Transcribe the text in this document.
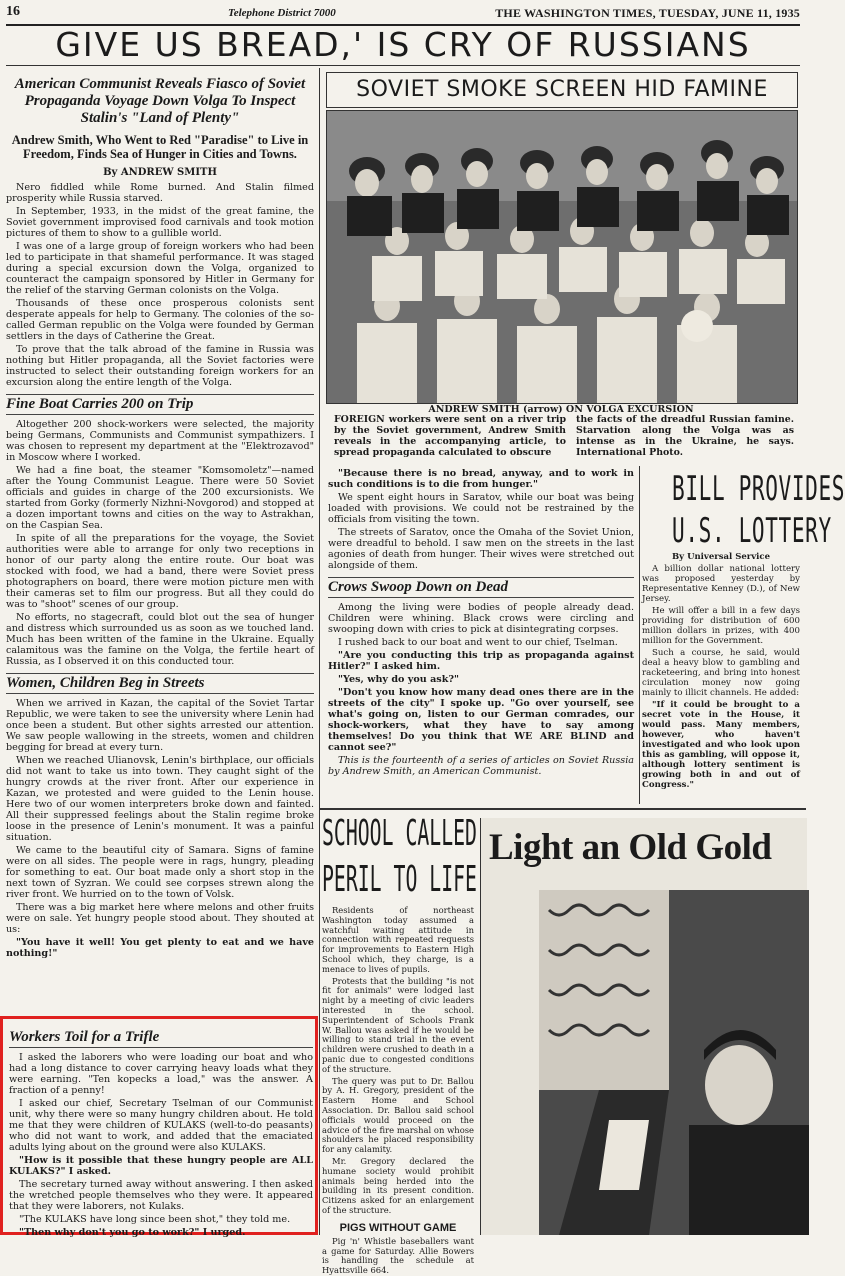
16	Telephone District 7000	THE WASHINGTON TIMES, TUESDAY, JUNE 11, 1935
GIVE US BREAD,' IS CRY OF RUSSIANS
American Communist Reveals Fiasco of Soviet Propaganda Voyage Down Volga To Inspect Stalin's "Land of Plenty"
Andrew Smith, Who Went to Red "Paradise" to Live in Freedom, Finds Sea of Hunger in Cities and Towns.
By ANDREW SMITH

Nero fiddled while Rome burned. And Stalin filmed prosperity while Russia starved.

In September, 1933, in the midst of the great famine, the Soviet government improvised food carnivals and took motion pictures of them to show to a gullible world.

I was one of a large group of foreign workers who had been led to participate in that shameful performance. It was staged during a special excursion down the Volga, organized to counteract the campaign sponsored by Hitler in Germany for the relief of the starving German colonists on the Volga.

Thousands of these once prosperous colonists sent desperate appeals for help to Germany. The colonies of the so-called German republic on the Volga were founded by German settlers in the days of Catherine the Great.

To prove that the talk abroad of the famine in Russia was nothing but Hitler propaganda, all the Soviet factories were instructed to select their outstanding foreign workers for an excursion along the entire length of the Volga.

Fine Boat Carries 200 on Trip

Altogether 200 shock-workers were selected, the majority being Germans, Communists and Communist sympathizers. I was chosen to represent my department at the "Elektrozavod" in Moscow where I worked.

We had a fine boat, the steamer "Komsomoletz"—named after the Young Communist League. There were 50 Soviet officials and guides in charge of the 200 excursionists. We started from Gorky (formerly Nizhni-Novgorod) and stopped at a dozen important towns and cities on the way to Astrakhan, on the Caspian Sea.

In spite of all the preparations for the voyage, the Soviet authorities were able to arrange for only two receptions in honor of our party along the entire route. Our boat was stocked with food, we had a band, there were Soviet press photographers on board, there were motion picture men with their cameras set to film our progress. But all they could do was to "shoot" scenes of our group.

No efforts, no stagecraft, could blot out the sea of hunger and distress which surrounded us as soon as we touched land. Much has been written of the famine in the Ukraine. Equally calamitous was the famine on the Volga, the fertile heart of Russia, as I observed it on this conducted tour.

Women, Children Beg in Streets

When we arrived in Kazan, the capital of the Soviet Tartar Republic, we were taken to see the university where Lenin had once been a student. But other sights arrested our attention. We saw people wallowing in the streets, women and children begging for bread at every turn.

When we reached Ulianovsk, Lenin's birthplace, our officials did not want to take us into town. They caught sight of the hungry crowds at the river front. After our experience in Kazan, we protested and were guided to the Lenin house. Here two of our women interpreters broke down and fainted. All their suppressed feelings about the Stalin regime broke loose in the presence of Lenin's monument. It was a painful situation.

We came to the beautiful city of Samara. Signs of famine were on all sides. The people were in rags, hungry, pleading for something to eat. Our boat made only a short stop in the next town of Syzran. We could see corpses strewn along the river front. We hurried on to the town of Volsk.

There was a big market here where melons and other fruits were on sale. Yet hungry people stood about. They shouted at us:

"You have it well! You get plenty to eat and we have nothing!"

Workers Toil for a Trifle

I asked the laborers who were loading our boat and who had a long distance to cover carrying heavy loads what they were earning. "Ten kopecks a load," was the answer. A fraction of a penny!

I asked our chief, Secretary Tselman of our Communist unit, why there were so many hungry children about. He told me that they were children of KULAKS (well-to-do peasants) who did not want to work, and added that the emaciated adults lying about on the ground were also KULAKS.

"How is it possible that these hungry people are ALL KULAKS?" I asked.

The secretary turned away without answering. I then asked the wretched people themselves who they were. It appeared that they were laborers, not Kulaks.

"The KULAKS have long since been shot," they told me.

"Then why don't you go to work?" I urged.

SOVIET SMOKE SCREEN HID FAMINE
ANDREW SMITH (arrow) ON VOLGA EXCURSION
FOREIGN workers were sent on a river trip by the Soviet government, Andrew Smith reveals in the accompanying article, to spread propaganda calculated to obscure
the facts of the dreadful Russian famine. Starvation along the Volga was as intense as in the Ukraine, he says. International Photo.

"Because there is no bread, anyway, and to work in such conditions is to die from hunger."

We spent eight hours in Saratov, while our boat was being loaded with provisions. We could not be restrained by the officials from visiting the town.

The streets of Saratov, once the Omaha of the Soviet Union, were dreadful to behold. I saw men on the streets in the last agonies of death from hunger. Their wives were stretched out alongside of them.

Crows Swoop Down on Dead

Among the living were bodies of people already dead. Children were whining. Black crows were circling and swooping down with cries to pick at disintegrating corpses.

I rushed back to our boat and went to our chief, Tselman.

"Are you conducting this trip as propaganda against Hitler?" I asked him.

"Yes, why do you ask?"

"Don't you know how many dead ones there are in the streets of the city" I spoke up. "Go over yourself, see what's going on, listen to our German comrades, our shock-workers, what they have to say among themselves! Do you think that WE ARE BLIND and cannot see?"

This is the fourteenth of a series of articles on Soviet Russia by Andrew Smith, an American Communist.

BILL PROVIDES
U.S. LOTTERY
By Universal Service

A billion dollar national lottery was proposed yesterday by Representative Kenney (D.), of New Jersey.

He will offer a bill in a few days providing for distribution of 600 million dollars in prizes, with 400 million for the Government.

Such a course, he said, would deal a heavy blow to gambling and racketeering, and bring into honest circulation money now going mainly to illicit channels. He added:

"If it could be brought to a secret vote in the House, it would pass. Many members, however, who haven't investigated and who look upon this as gambling, will oppose it, although lottery sentiment is growing both in and out of Congress."

SCHOOL CALLED
PERIL TO LIFE

Residents of northeast Washington today assumed a watchful waiting attitude in connection with repeated requests for improvements to Eastern High School which, they charge, is a menace to lives of pupils.

Protests that the building "is not fit for animals" were lodged last night by a meeting of civic leaders interested in the school. Superintendent of Schools Frank W. Ballou was asked if he would be willing to stand trial in the event children were crushed to death in a panic due to congested conditions of the structure.

The query was put to Dr. Ballou by A. H. Gregory, president of the Eastern Home and School Association. Dr. Ballou said school officials would proceed on the advice of the fire marshal on whose shoulders he placed responsibility for any calamity.

Mr. Gregory declared the humane society would prohibit animals being herded into the building in its present condition. Citizens asked for an enlargement of the structure.

PIGS WITHOUT GAME

Pig 'n' Whistle baseballers want a game for Saturday. Allie Bowers is handling the schedule at Hyattsville 664.

Light an Old Gold
